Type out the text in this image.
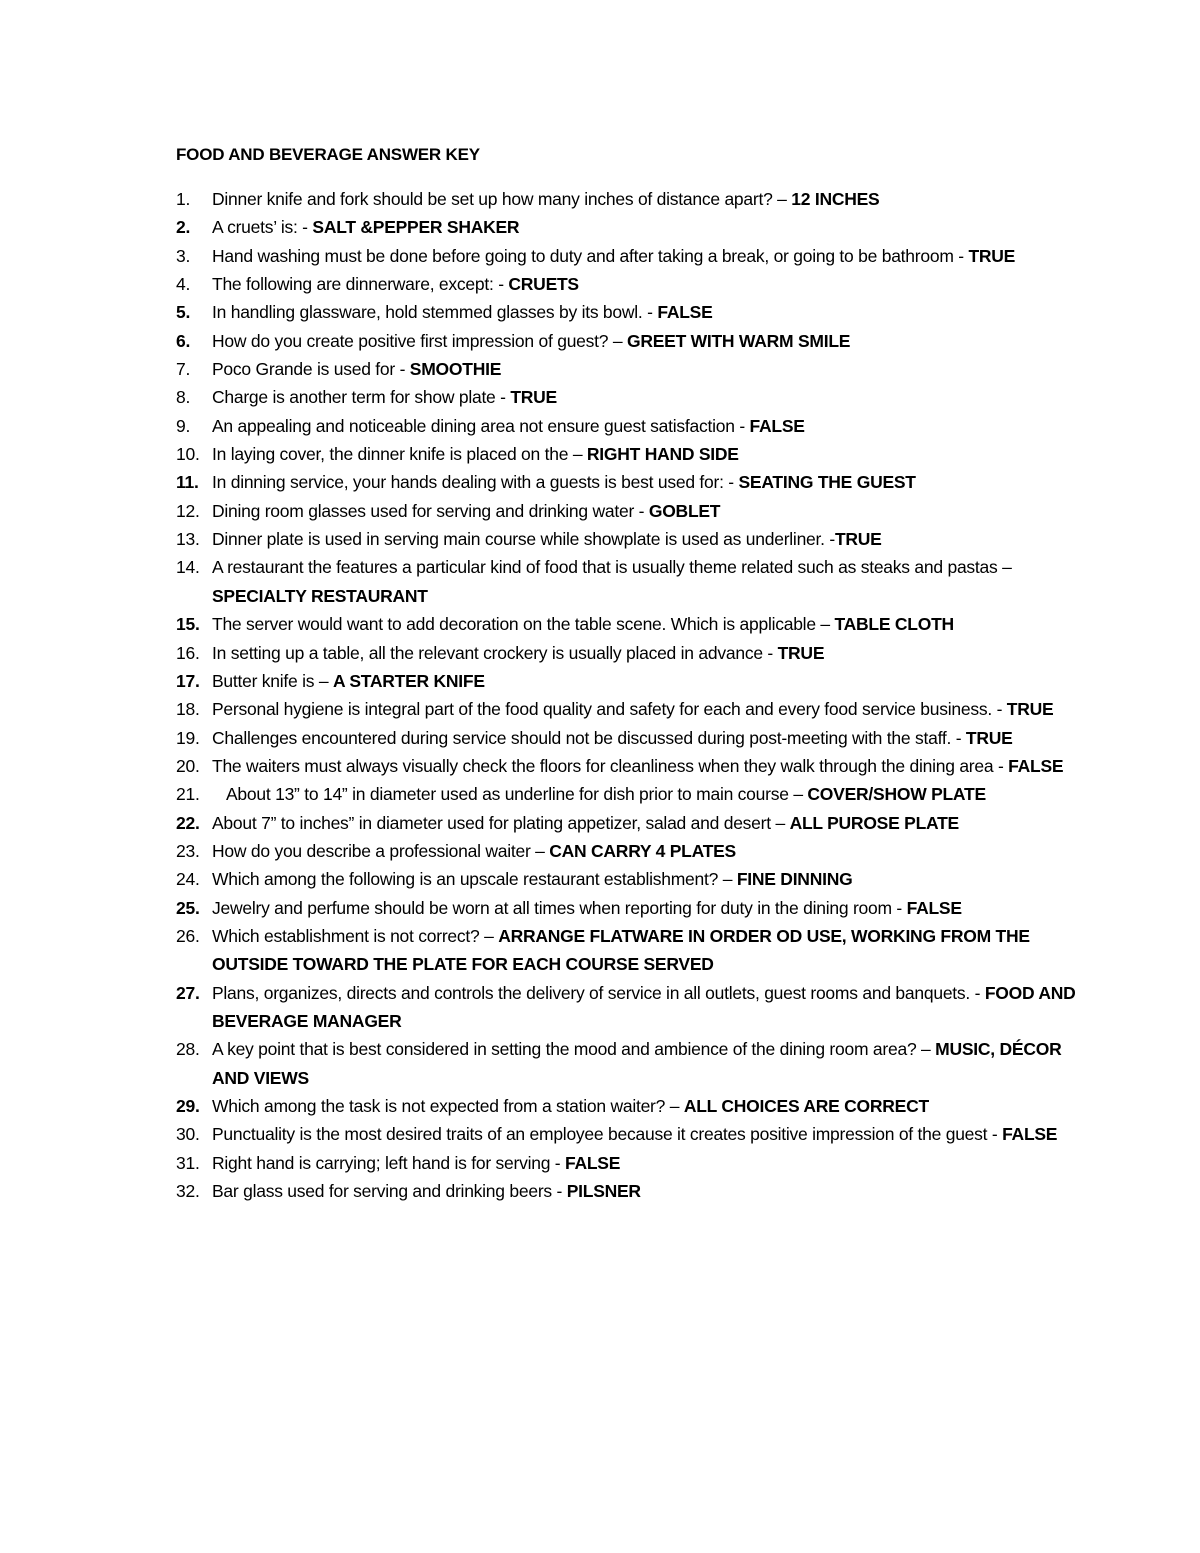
FOOD AND BEVERAGE ANSWER KEY
1. Dinner knife and fork should be set up how many inches of distance apart? – 12 INCHES
2. A cruets’ is: - SALT &PEPPER SHAKER
3. Hand washing must be done before going to duty and after taking a break, or going to be bathroom - TRUE
4. The following are dinnerware, except: - CRUETS
5. In handling glassware, hold stemmed glasses by its bowl. - FALSE
6. How do you create positive first impression of guest? – GREET WITH WARM SMILE
7. Poco Grande is used for - SMOOTHIE
8. Charge is another term for show plate - TRUE
9. An appealing and noticeable dining area not ensure guest satisfaction - FALSE
10. In laying cover, the dinner knife is placed on the – RIGHT HAND SIDE
11. In dinning service, your hands dealing with a guests is best used for: - SEATING THE GUEST
12. Dining room glasses used for serving and drinking water - GOBLET
13. Dinner plate is used in serving main course while showplate is used as underliner. -TRUE
14. A restaurant the features a particular kind of food that is usually theme related such as steaks and pastas – SPECIALTY RESTAURANT
15. The server would want to add decoration on the table scene. Which is applicable – TABLE CLOTH
16. In setting up a table, all the relevant crockery is usually placed in advance - TRUE
17. Butter knife is – A STARTER KNIFE
18. Personal hygiene is integral part of the food quality and safety for each and every food service business. - TRUE
19. Challenges encountered during service should not be discussed during post-meeting with the staff. - TRUE
20. The waiters must always visually check the floors for cleanliness when they walk through the dining area - FALSE
21.	About 13” to 14” in diameter used as underline for dish prior to main course – COVER/SHOW PLATE
22. About 7” to inches” in diameter used for plating appetizer, salad and desert – ALL PUROSE PLATE
23. How do you describe a professional waiter – CAN CARRY 4 PLATES
24. Which among the following is an upscale restaurant establishment? – FINE DINNING
25. Jewelry and perfume should be worn at all times when reporting for duty in the dining room - FALSE
26. Which establishment is not correct? – ARRANGE FLATWARE IN ORDER OD USE, WORKING FROM THE OUTSIDE TOWARD THE PLATE FOR EACH COURSE SERVED
27. Plans, organizes, directs and controls the delivery of service in all outlets, guest rooms and banquets. - FOOD AND BEVERAGE MANAGER
28. A key point that is best considered in setting the mood and ambience of the dining room area? – MUSIC, DÉCOR AND VIEWS
29. Which among the task is not expected from a station waiter? – ALL CHOICES ARE CORRECT
30. Punctuality is the most desired traits of an employee because it creates positive impression of the guest - FALSE
31. Right hand is carrying; left hand is for serving - FALSE
32. Bar glass used for serving and drinking beers - PILSNER
